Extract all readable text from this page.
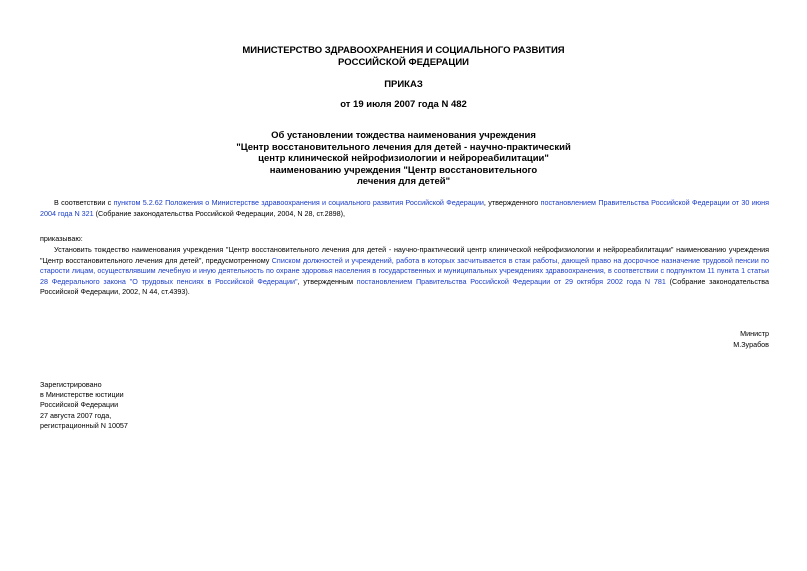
МИНИСТЕРСТВО ЗДРАВООХРАНЕНИЯ И СОЦИАЛЬНОГО РАЗВИТИЯ
РОССИЙСКОЙ ФЕДЕРАЦИИ
ПРИКАЗ
от 19 июля 2007 года N 482
Об установлении тождества наименования учреждения
"Центр восстановительного лечения для детей - научно-практический
центр клинической нейрофизиологии и нейрореабилитации"
наименованию учреждения "Центр восстановительного
лечения для детей"
В соответствии с пунктом 5.2.62 Положения о Министерстве здравоохранения и социального развития Российской Федерации, утвержденного постановлением Правительства Российской Федерации от 30 июня 2004 года N 321 (Собрание законодательства Российской Федерации, 2004, N 28, ст.2898),
приказываю:
Установить тождество наименования учреждения "Центр восстановительного лечения для детей - научно-практический центр клинической нейрофизиологии и нейрореабилитации" наименованию учреждения "Центр восстановительного лечения для детей", предусмотренному Списком должностей и учреждений, работа в которых засчитывается в стаж работы, дающей право на досрочное назначение трудовой пенсии по старости лицам, осуществлявшим лечебную и иную деятельность по охране здоровья населения в государственных и муниципальных учреждениях здравоохранения, в соответствии с подпунктом 11 пункта 1 статьи 28 Федерального закона "О трудовых пенсиях в Российской Федерации", утвержденным постановлением Правительства Российской Федерации от 29 октября 2002 года N 781 (Собрание законодательства Российской Федерации, 2002, N 44, ст.4393).
Министр
М.Зурабов
Зарегистрировано
в Министерстве юстиции
Российской Федерации
27 августа 2007 года,
регистрационный N 10057
